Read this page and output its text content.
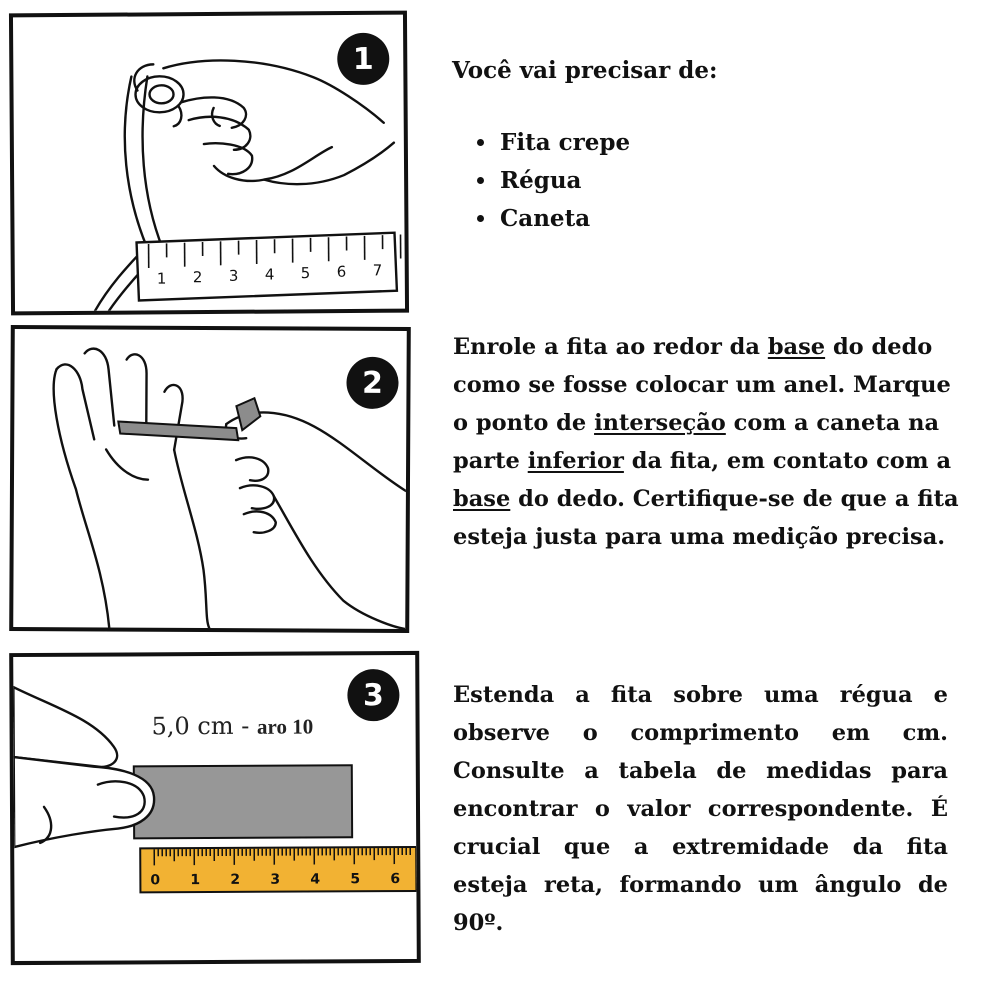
1 2 3 4 5 6 7
1
2
0 1 2 3 4 5 6
5,0 cm - aro 10
3
Você vai precisar de:
• Fita crepe
• Régua
• Caneta
Enrole a fita ao redor da base do dedo como se fosse colocar um anel. Marque o ponto de interseção com a caneta na parte inferior da fita, em contato com a base do dedo. Certifique-se de que a fita esteja justa para uma medição precisa.
Estenda a fita sobre uma régua e observe o comprimento em cm. Consulte a tabela de medidas para encontrar o valor correspondente. É crucial que a extremidade da fita esteja reta, formando um ângulo de 90º.
